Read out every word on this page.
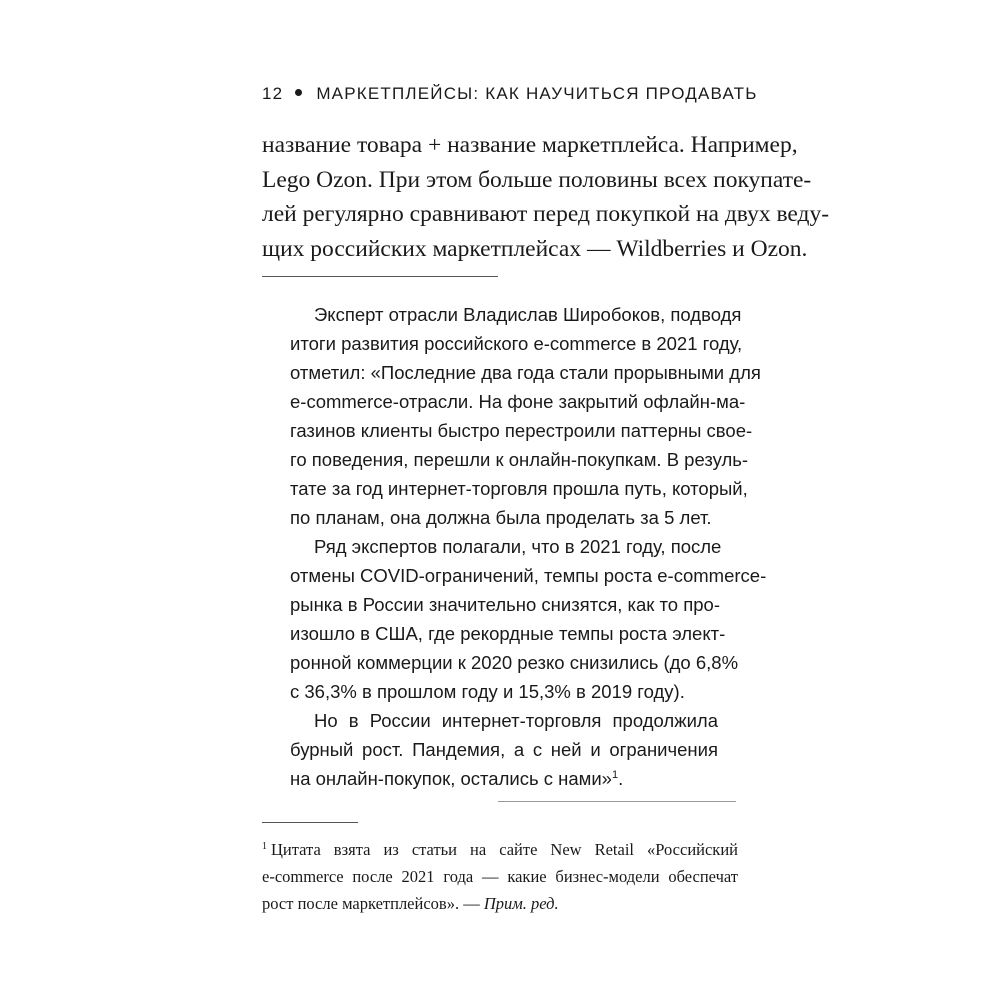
12 МАРКЕТПЛЕЙСЫ: КАК НАУЧИТЬСЯ ПРОДАВАТЬ
название товара + название маркетплейса. Например,
Lego Ozon. При этом больше половины всех покупате-
лей регулярно сравнивают перед покупкой на двух веду-
щих российских маркетплейсах — Wildberries и Ozon.
Эксперт отрасли Владислав Широбоков, подводя
итоги развития российского e-commerce в 2021 году,
отметил: «Последние два года стали прорывными для
e-commerce-отрасли. На фоне закрытий офлайн-ма-
газинов клиенты быстро перестроили паттерны свое-
го поведения, перешли к онлайн-покупкам. В резуль-
тате за год интернет-торговля прошла путь, который,
по планам, она должна была проделать за 5 лет.
Ряд экспертов полагали, что в 2021 году, после
отмены COVID-ограничений, темпы роста e-commerce-
рынка в России значительно снизятся, как то про-
изошло в США, где рекордные темпы роста элект-
ронной коммерции к 2020 резко снизились (до 6,8%
с 36,3% в прошлом году и 15,3% в 2019 году).
Но в России интернет-торговля продолжила
бурный рост. Пандемия, а с ней и ограничения
на онлайн-покупок, остались с нами»$^1$.
$^1$ Цитата взята из статьи на сайте New Retail «Российский
e-commerce после 2021 года — какие бизнес-модели обеспечат
рост после маркетплейсов». — Прим. ред.
